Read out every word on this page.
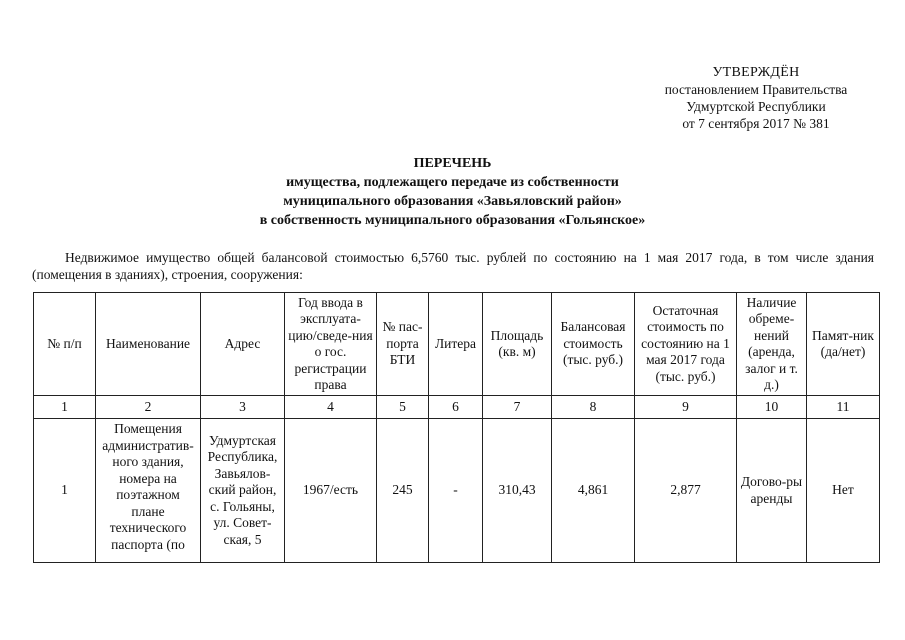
УТВЕРЖДЁН
постановлением Правительства
Удмуртской Республики
от 7 сентября 2017 № 381
ПЕРЕЧЕНЬ
имущества, подлежащего передаче из собственности
муниципального образования «Завьяловский район»
в собственность муниципального образования «Гольянское»
Недвижимое имущество общей балансовой стоимостью 6,5760 тыс. рублей по состоянию на 1 мая 2017 года, в том числе здания (помещения в зданиях), строения, сооружения:
№ п/п	Наименование	Адрес	Год ввода в эксплуата-цию/сведе-ния о гос. регистрации права	№ пас-порта БТИ	Литера	Площадь (кв. м)	Балансовая стоимость (тыс. руб.)	Остаточная стоимость по состоянию на 1 мая 2017 года (тыс. руб.)	Наличие обреме-нений (аренда, залог и т. д.)	Памят-ник (да/нет)
1	2	3	4	5	6	7	8	9	10	11
1	Помещения административ-ного здания, номера на поэтажном плане технического паспорта (по	Удмуртская Республика, Завьялов-ский район, с. Гольяны, ул. Совет-ская, 5	1967/есть	245	-	310,43	4,861	2,877	Догово-ры аренды	Нет
